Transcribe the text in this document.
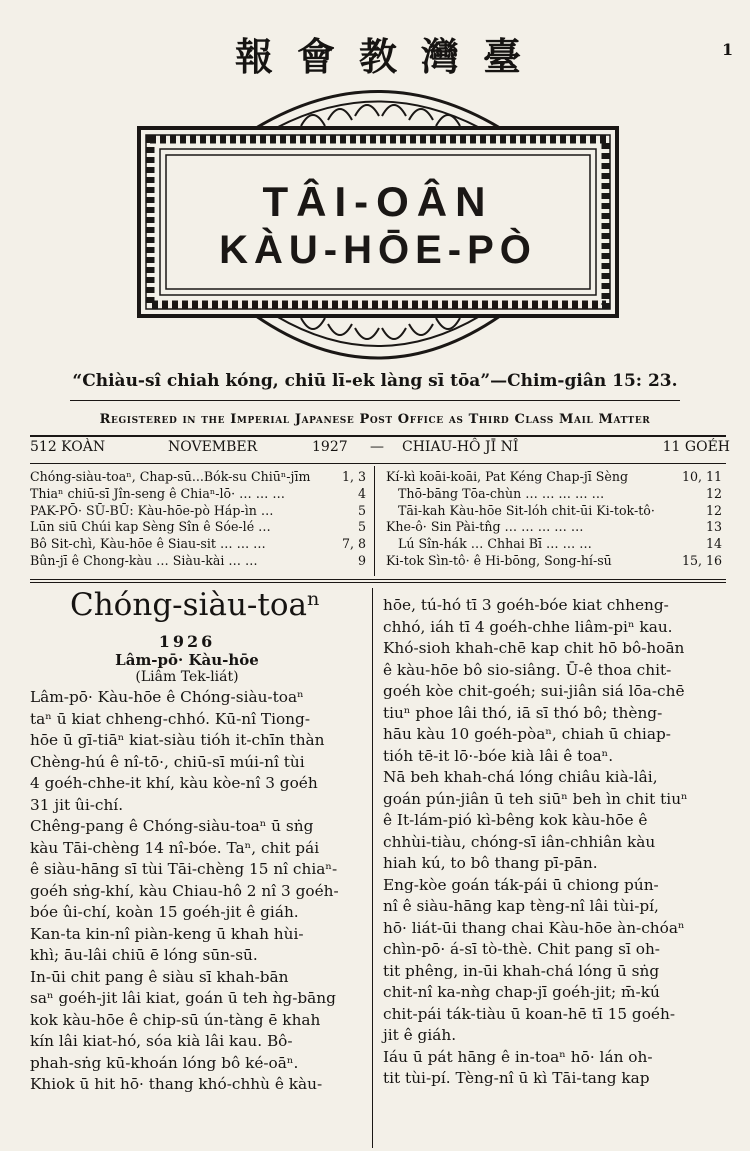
報會教灣臺	1
TÂI-OÂN
KÀU-HŌE-PÒ
“Chiàu-sî chiah kóng, chiū lī-ek làng sī tōa”—Chim-giân 15: 23.
Registered in the Imperial Japanese Post Office as Third Class Mail Matter
512 KOÀN	NOVEMBER	1927 — CHIAU-HÔ JĪ NÎ	11 GOÉH
Chóng-siàu-toaⁿ, Chap-sū...Bók-su Chiūⁿ-jīm	1, 3
Thiaⁿ chiū-sī Jîn-seng ê Chiaⁿ-lō· … … …	4
PAK-PŌ· SŪ-BŪ: Kàu-hōe-pò Háp-ìn …	5
Lūn siū Chúi kap Sèng Sîn ê Sóe-lé …	5
Bô Sit-chì, Kàu-hōe ê Siau-sit … … …	7, 8
Bûn-jī ê Chong-kàu … Siàu-kài … …	9
Kí-kì koāi-koāi, Pat Kéng Chap-jī Sèng	10, 11
Thō-bāng Tōa-chùn … … … … …	12
Tāi-kah Kàu-hōe Sit-lóh chit-ūi Ki-tok-tô·	12
Khe-ô· Sin Pài-tn̂g … … … … …	13
Lú Sîn-hák … Chhai Bī … … …	14
Ki-tok Sìn-tô· ê Hi-bōng, Song-hí-sū	15, 16
Chóng-siàu-toaⁿ
1926
Lâm-pō· Kàu-hōe
(Liâm Tek-liát)
Lâm-pō· Kàu-hōe ê Chóng-siàu-toaⁿ
taⁿ ū kiat chheng-chhó. Kū-nî Tiong-
hōe ū gī-tiāⁿ kiat-siàu tióh it-chīn thàn
Chèng-hú ê nî-tō·, chiū-sī múi-nî tùi
4 goéh-chhe-it khí, kàu kòe-nî 3 goéh
31 jit ûi-chí.
Chêng-pang ê Chóng-siàu-toaⁿ ū sṅg
kàu Tāi-chèng 14 nî-bóe. Taⁿ, chit pái
ê siàu-hāng sī tùi Tāi-chèng 15 nî chiaⁿ-
goéh sṅg-khí, kàu Chiau-hô 2 nî 3 goéh-
bóe ûi-chí, koàn 15 goéh-jit ê giáh.
Kan-ta kin-nî piàn-keng ū khah hùi-
khì; āu-lâi chiū ē lóng sūn-sū.
In-ūi chit pang ê siàu sī khah-bān
saⁿ goéh-jit lâi kiat, goán ū teh ǹg-bāng
kok kàu-hōe ê chip-sū ún-tàng ē khah
kín lâi kiat-hó, sóa kià lâi kau. Bô-
phah-sṅg kū-khoán lóng bô ké-oāⁿ.
Khiok ū hit hō· thang khó-chhù ê kàu-
hōe, tú-hó tī 3 goéh-bóe kiat chheng-
chhó, iáh tī 4 goéh-chhe liâm-piⁿ kau.
Khó-sioh khah-chē kap chit hō bô-hoān
ê kàu-hōe bô sio-siâng. Ū-ê thoa chit-
goéh kòe chit-goéh; sui-jiân siá lōa-chē
tiuⁿ phoe lâi thó, iā sī thó bô; thèng-
hāu kàu 10 goéh-pòaⁿ, chiah ū chiap-
tióh tē-it lō·-bóe kià lâi ê toaⁿ.
Nā beh khah-chá lóng chiâu kià-lâi,
goán pún-jiân ū teh siūⁿ beh ìn chit tiuⁿ
ê It-lám-pió kì-bêng kok kàu-hōe ê
chhùi-tiàu, chóng-sī iân-chhiân kàu
hiah kú, to bô thang pī-pān.
Eng-kòe goán ták-pái ū chiong pún-
nî ê siàu-hāng kap tèng-nî lâi tùi-pí,
hō· liát-ūi thang chai Kàu-hōe àn-chóaⁿ
chìn-pō· á-sī tò-thè. Chit pang sī oh-
tit phêng, in-ūi khah-chá lóng ū sṅg
chit-nî ka-nǹg chap-jī goéh-jit; m̄-kú
chit-pái ták-tiàu ū koan-hē tī 15 goéh-
jit ê giáh.
Iáu ū pát hāng ê in-toaⁿ hō· lán oh-
tit tùi-pí. Tèng-nî ū kì Tāi-tang kap
